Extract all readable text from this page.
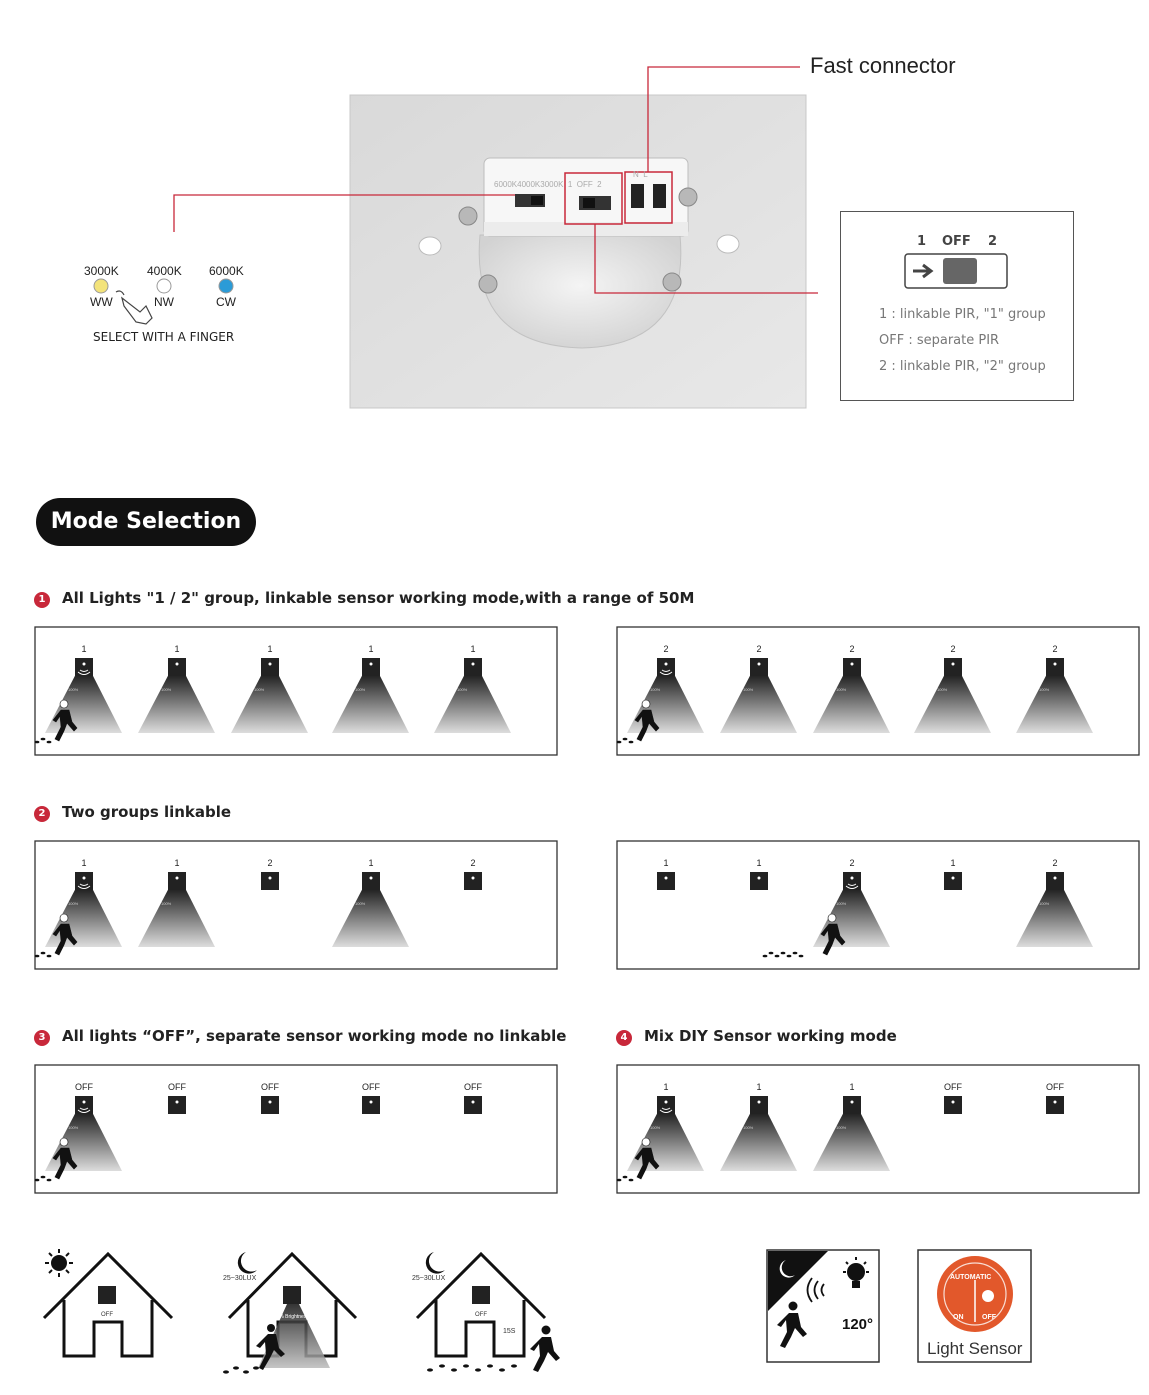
Fast connector
6000K4000K3000K  1  OFF  2
N  L
3000K 4000K 6000K
WW	NW	CW
SELECT WITH A FINGER
1 OFF 2
1 : linkable PIR, "1" group
OFF : separate PIR
2 : linkable PIR, "2" group
Mode Selection
1 All Lights "1 / 2" group, linkable sensor working mode,with a range of 50M
2 Two groups linkable
3 All lights “OFF”, separate sensor working mode no linkable	4 Mix DIY Sensor working mode
1
100%
1
100%
1
100%
1
100%
1
100%
2
100%
2
100%
2
100%
2
100%
2
100%
1
100%
1
100%
2	1
100%
2	1	1	2
100%
1	2
100%
OFF
100%
OFF	OFF	OFF	OFF	1
100%
1
100%
1
100%
OFF	OFF
25~30LUX	25~30LUX
OFF	100% Brightness	OFF
15S	120°
AUTOMATIC
ON	OFF
Light Sensor
